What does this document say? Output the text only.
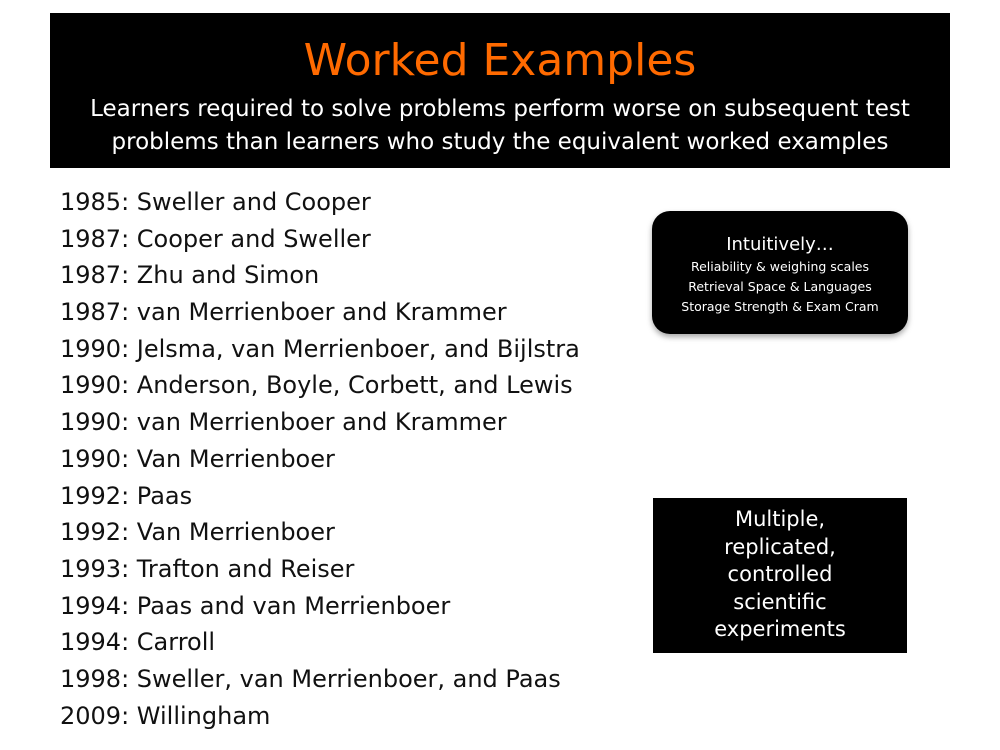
Worked Examples
Learners required to solve problems perform worse on subsequent test
problems than learners who study the equivalent worked examples
1985: Sweller and Cooper
1987: Cooper and Sweller
1987: Zhu and Simon
1987: van Merrienboer and Krammer
1990: Jelsma, van Merrienboer, and Bijlstra
1990: Anderson, Boyle, Corbett, and Lewis
1990: van Merrienboer and Krammer
1990: Van Merrienboer
1992: Paas
1992: Van Merrienboer
1993: Trafton and Reiser
1994: Paas and van Merrienboer
1994: Carroll
1998: Sweller, van Merrienboer, and Paas
2009: Willingham
Intuitively…
Reliability & weighing scales
Retrieval Space & Languages
Storage Strength & Exam Cram
Multiple,
replicated,
controlled
scientific
experiments
